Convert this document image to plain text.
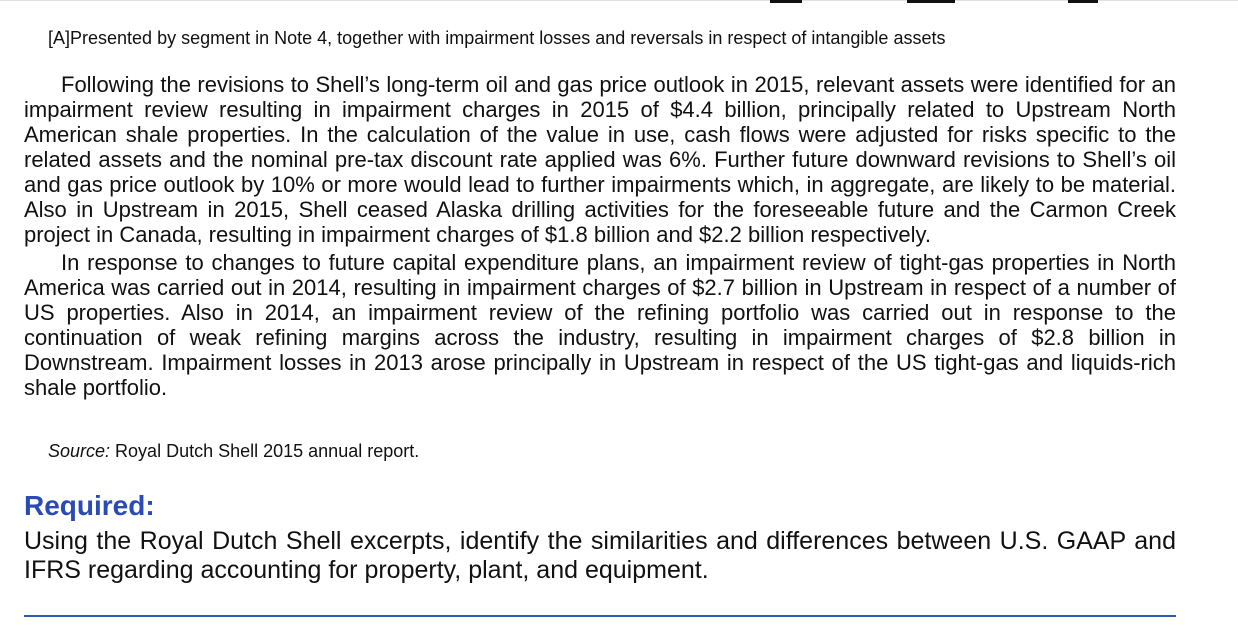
[A]Presented by segment in Note 4, together with impairment losses and reversals in respect of intangible assets

Following the revisions to Shell’s long-term oil and gas price outlook in 2015, relevant assets were identified for an impairment review resulting in impairment charges in 2015 of $4.4 billion, principally related to Upstream North American shale properties. In the calculation of the value in use, cash flows were adjusted for risks specific to the related assets and the nominal pre-tax discount rate applied was 6%. Further future downward revisions to Shell’s oil and gas price outlook by 10% or more would lead to further impairments which, in aggregate, are likely to be material. Also in Upstream in 2015, Shell ceased Alaska drilling activities for the foreseeable future and the Carmon Creek project in Canada, resulting in impairment charges of $1.8 billion and $2.2 billion respectively.

In response to changes to future capital expenditure plans, an impairment review of tight-gas properties in North America was carried out in 2014, resulting in impairment charges of $2.7 billion in Upstream in respect of a number of US properties. Also in 2014, an impairment review of the refining portfolio was carried out in response to the continuation of weak refining margins across the industry, resulting in impairment charges of $2.8 billion in Downstream. Impairment losses in 2013 arose principally in Upstream in respect of the US tight-gas and liquids-rich shale portfolio.

Source: Royal Dutch Shell 2015 annual report.
Required:
Using the Royal Dutch Shell excerpts, identify the similarities and differences between U.S. GAAP and IFRS regarding accounting for property, plant, and equipment.
